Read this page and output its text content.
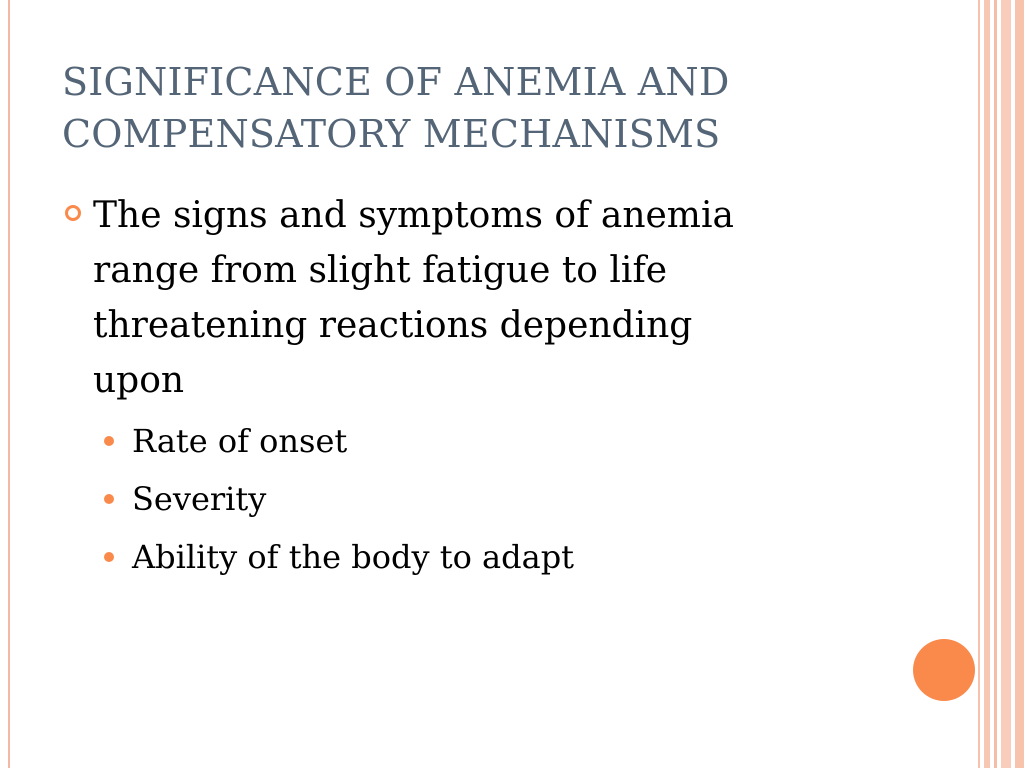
SIGNIFICANCE OF ANEMIA AND
COMPENSATORY MECHANISMS
The signs and symptoms of anemia
range from slight fatigue to life
threatening reactions depending
upon
Rate of onset
Severity
Ability of the body to adapt
